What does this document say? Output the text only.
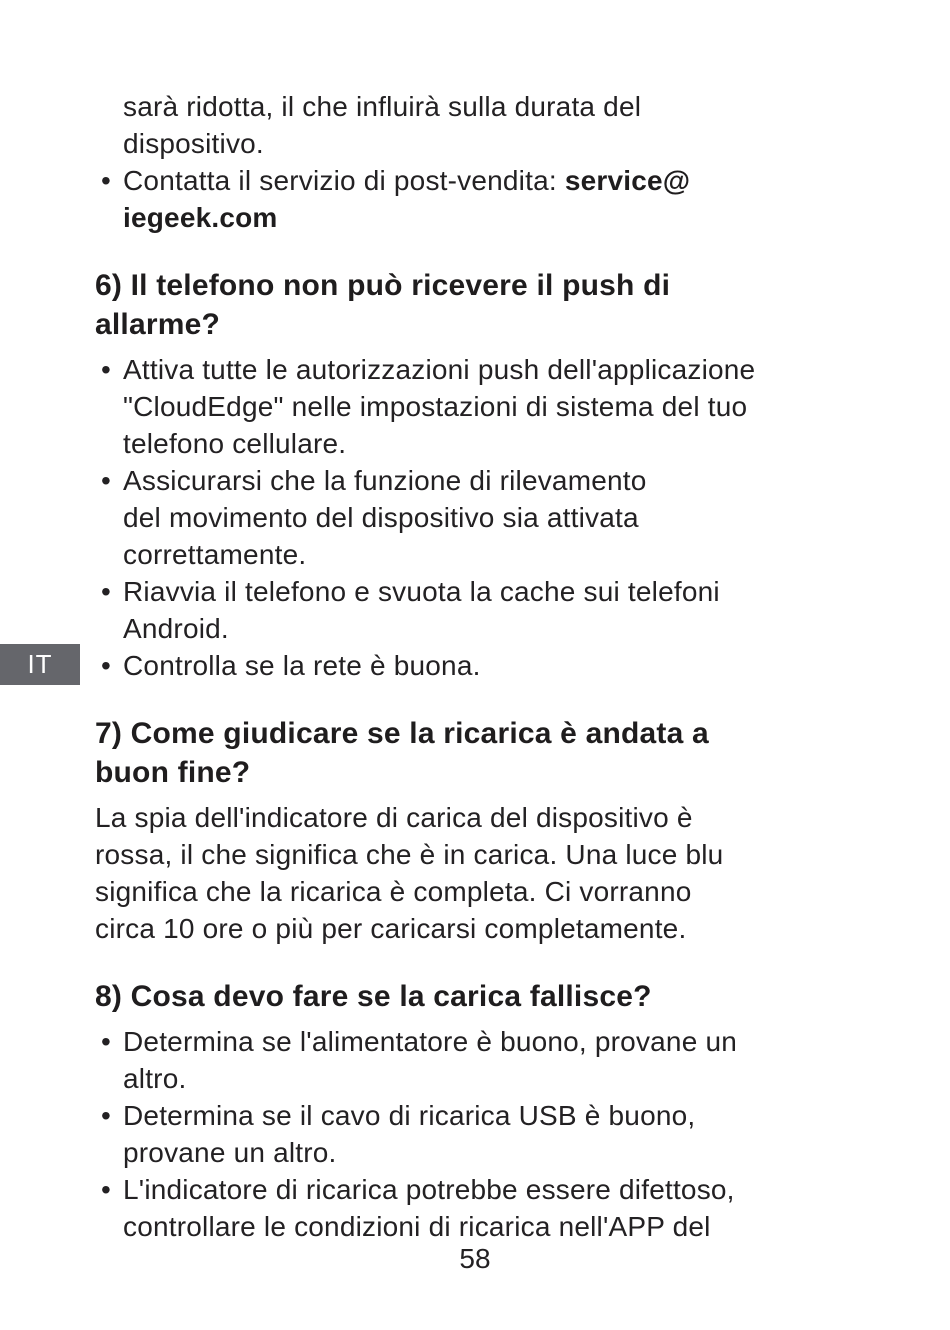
IT
sarà ridotta, il che influirà sulla durata del
dispositivo.
• Contatta il servizio di post-vendita: service@
iegeek.com
6) Il telefono non può ricevere il push di
allarme?
• Attiva tutte le autorizzazioni push dell'applicazione
"CloudEdge" nelle impostazioni di sistema del tuo
telefono cellulare.
• Assicurarsi che la funzione di rilevamento
del movimento del dispositivo sia attivata
correttamente.
• Riavvia il telefono e svuota la cache sui telefoni
Android.
• Controlla se la rete è buona.
7) Come giudicare se la ricarica è andata a
buon fine?

La spia dell'indicatore di carica del dispositivo è
rossa, il che significa che è in carica. Una luce blu
significa che la ricarica è completa. Ci vorranno
circa 10 ore o più per caricarsi completamente.

8) Cosa devo fare se la carica fallisce?
• Determina se l'alimentatore è buono, provane un
altro.
• Determina se il cavo di ricarica USB è buono,
provane un altro.
• L'indicatore di ricarica potrebbe essere difettoso,
controllare le condizioni di ricarica nell'APP del
58
